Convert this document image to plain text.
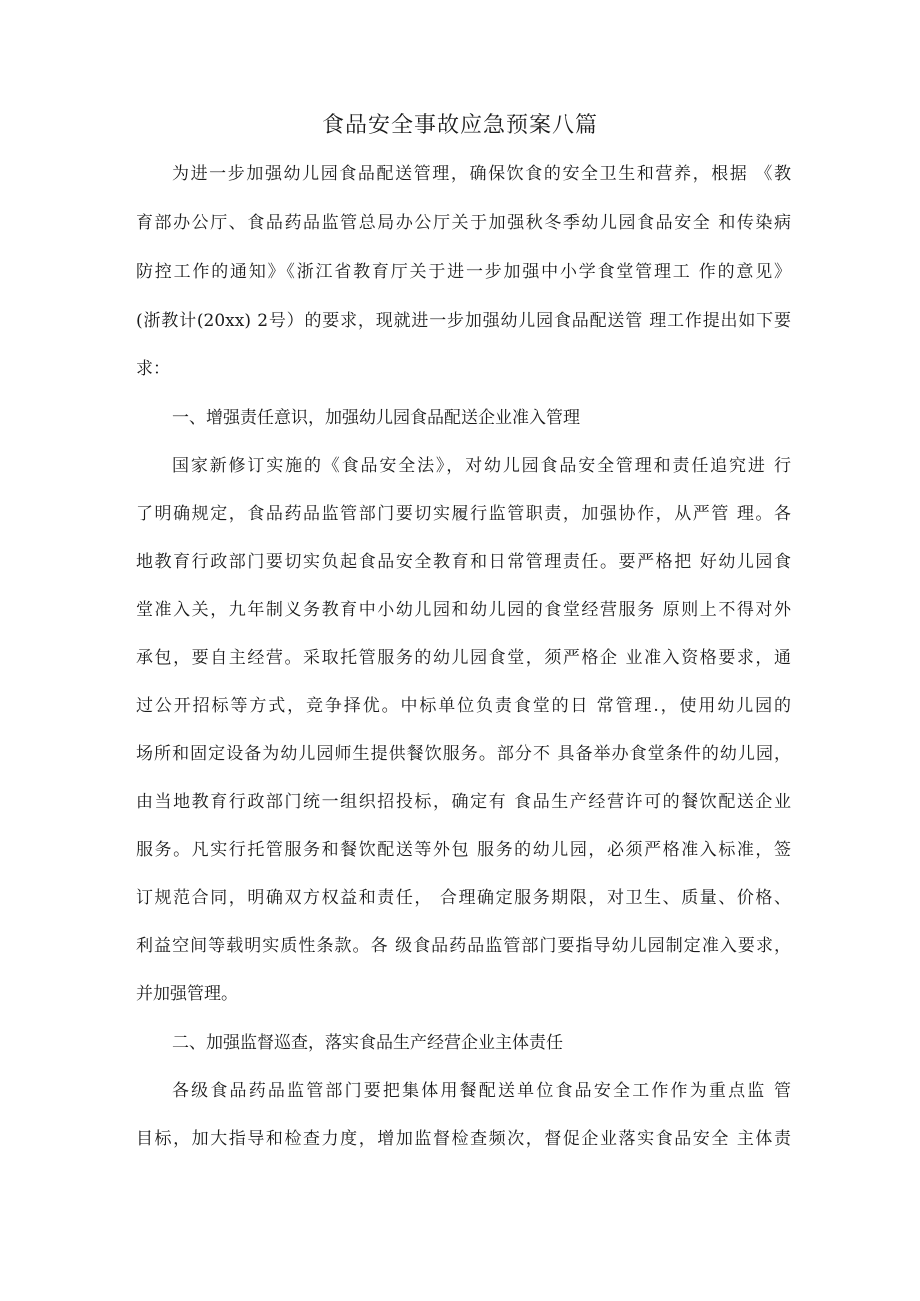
食品安全事故应急预案八篇
为进一步加强幼儿园食品配送管理，确保饮食的安全卫生和营养，根据 《教
育部办公厅、食品药品监管总局办公厅关于加强秋冬季幼儿园食品安全 和传染病
防控工作的通知》《浙江省教育厅关于进一步加强中小学食堂管理工 作的意见》
(浙教计(20xx) 2号）的要求，现就进一步加强幼儿园食品配送管 理工作提出如下要
求：
一、增强责任意识，加强幼儿园食品配送企业准入管理
国家新修订实施的《食品安全法》，对幼儿园食品安全管理和责任追究进 行
了明确规定，食品药品监管部门要切实履行监管职责，加强协作，从严管 理。各
地教育行政部门要切实负起食品安全教育和日常管理责任。要严格把 好幼儿园食
堂准入关，九年制义务教育中小幼儿园和幼儿园的食堂经营服务 原则上不得对外
承包，要自主经营。采取托管服务的幼儿园食堂，须严格企 业准入资格要求，通
过公开招标等方式，竞争择优。中标单位负责食堂的日 常管理.，使用幼儿园的
场所和固定设备为幼儿园师生提供餐饮服务。部分不 具备举办食堂条件的幼儿园，
由当地教育行政部门统一组织招投标，确定有 食品生产经营许可的餐饮配送企业
服务。凡实行托管服务和餐饮配送等外包 服务的幼儿园，必须严格准入标准，签
订规范合同，明确双方权益和责任， 合理确定服务期限，对卫生、质量、价格、
利益空间等载明实质性条款。各 级食品药品监管部门要指导幼儿园制定准入要求，
并加强管理。
二、加强监督巡查，落实食品生产经营企业主体责任
各级食品药品监管部门要把集体用餐配送单位食品安全工作作为重点监 管
目标，加大指导和检查力度，增加监督检查频次，督促企业落实食品安全 主体责
